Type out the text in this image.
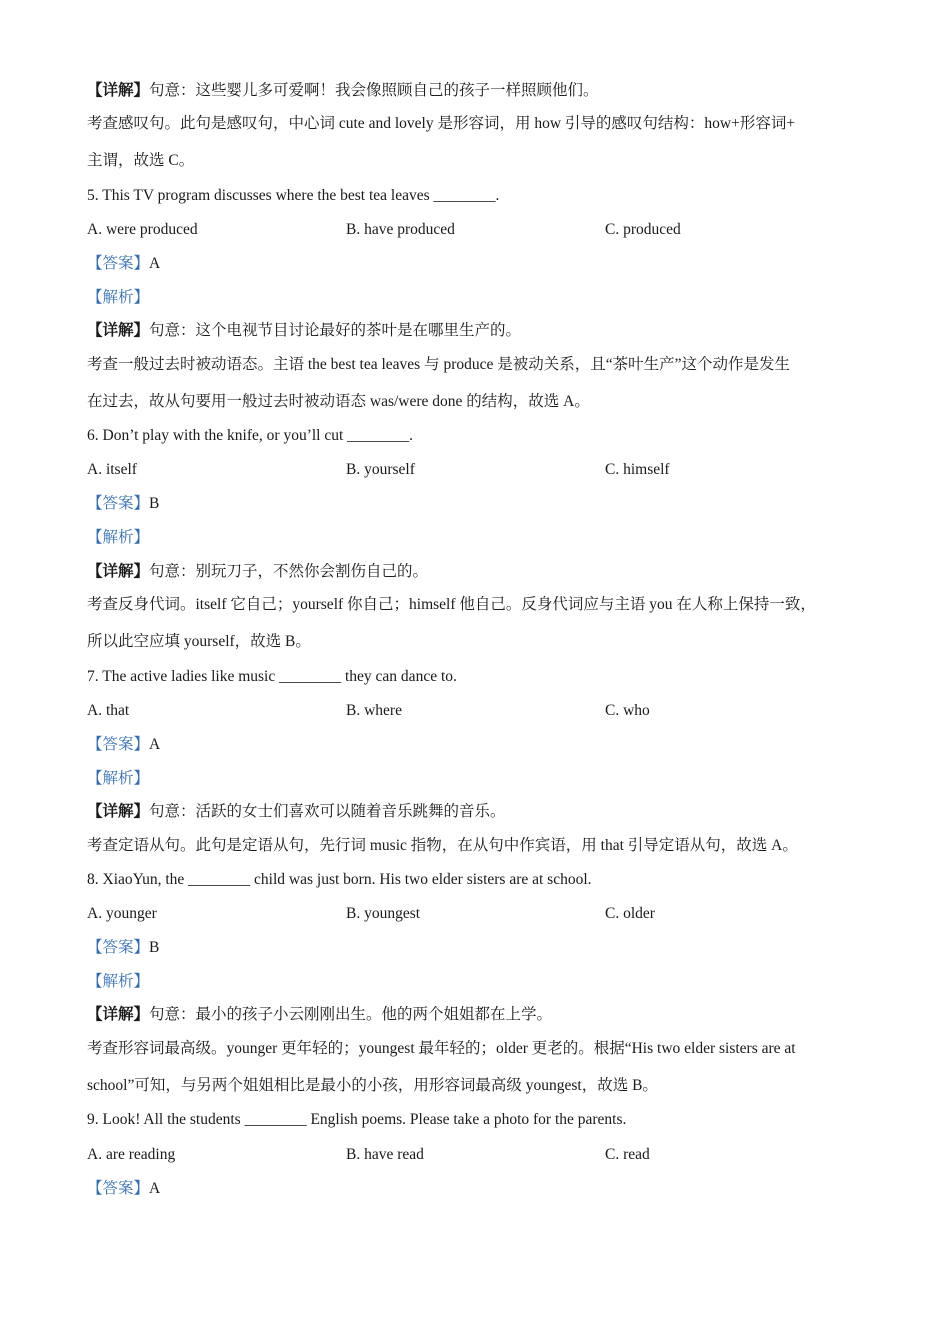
【详解】句意：这些婴儿多可爱啊！我会像照顾自己的孩子一样照顾他们。
考查感叹句。此句是感叹句，中心词 cute and lovely 是形容词，用 how 引导的感叹句结构：how+形容词+
主谓，故选 C。
5. This TV program discusses where the best tea leaves ________.
A. were produced	B. have produced	C. produced
【答案】A
【解析】
【详解】句意：这个电视节目讨论最好的茶叶是在哪里生产的。
考查一般过去时被动语态。主语 the best tea leaves 与 produce 是被动关系，且“茶叶生产”这个动作是发生
在过去，故从句要用一般过去时被动语态 was/were done 的结构，故选 A。
6. Don’t play with the knife, or you’ll cut ________.
A. itself	B. yourself	C. himself
【答案】B
【解析】
【详解】句意：别玩刀子，不然你会割伤自己的。
考查反身代词。itself 它自己；yourself 你自己；himself 他自己。反身代词应与主语 you 在人称上保持一致，
所以此空应填 yourself，故选 B。
7. The active ladies like music ________ they can dance to.
A. that	B. where	C. who
【答案】A
【解析】
【详解】句意：活跃的女士们喜欢可以随着音乐跳舞的音乐。
考查定语从句。此句是定语从句，先行词 music 指物，在从句中作宾语，用 that 引导定语从句，故选 A。
8. XiaoYun, the ________ child was just born. His two elder sisters are at school.
A. younger	B. youngest	C. older
【答案】B
【解析】
【详解】句意：最小的孩子小云刚刚出生。他的两个姐姐都在上学。
考查形容词最高级。younger 更年轻的；youngest 最年轻的；older 更老的。根据“His two elder sisters are at
school”可知，与另两个姐姐相比是最小的小孩，用形容词最高级 youngest，故选 B。
9. Look! All the students ________ English poems. Please take a photo for the parents.
A. are reading	B. have read	C. read
【答案】A
